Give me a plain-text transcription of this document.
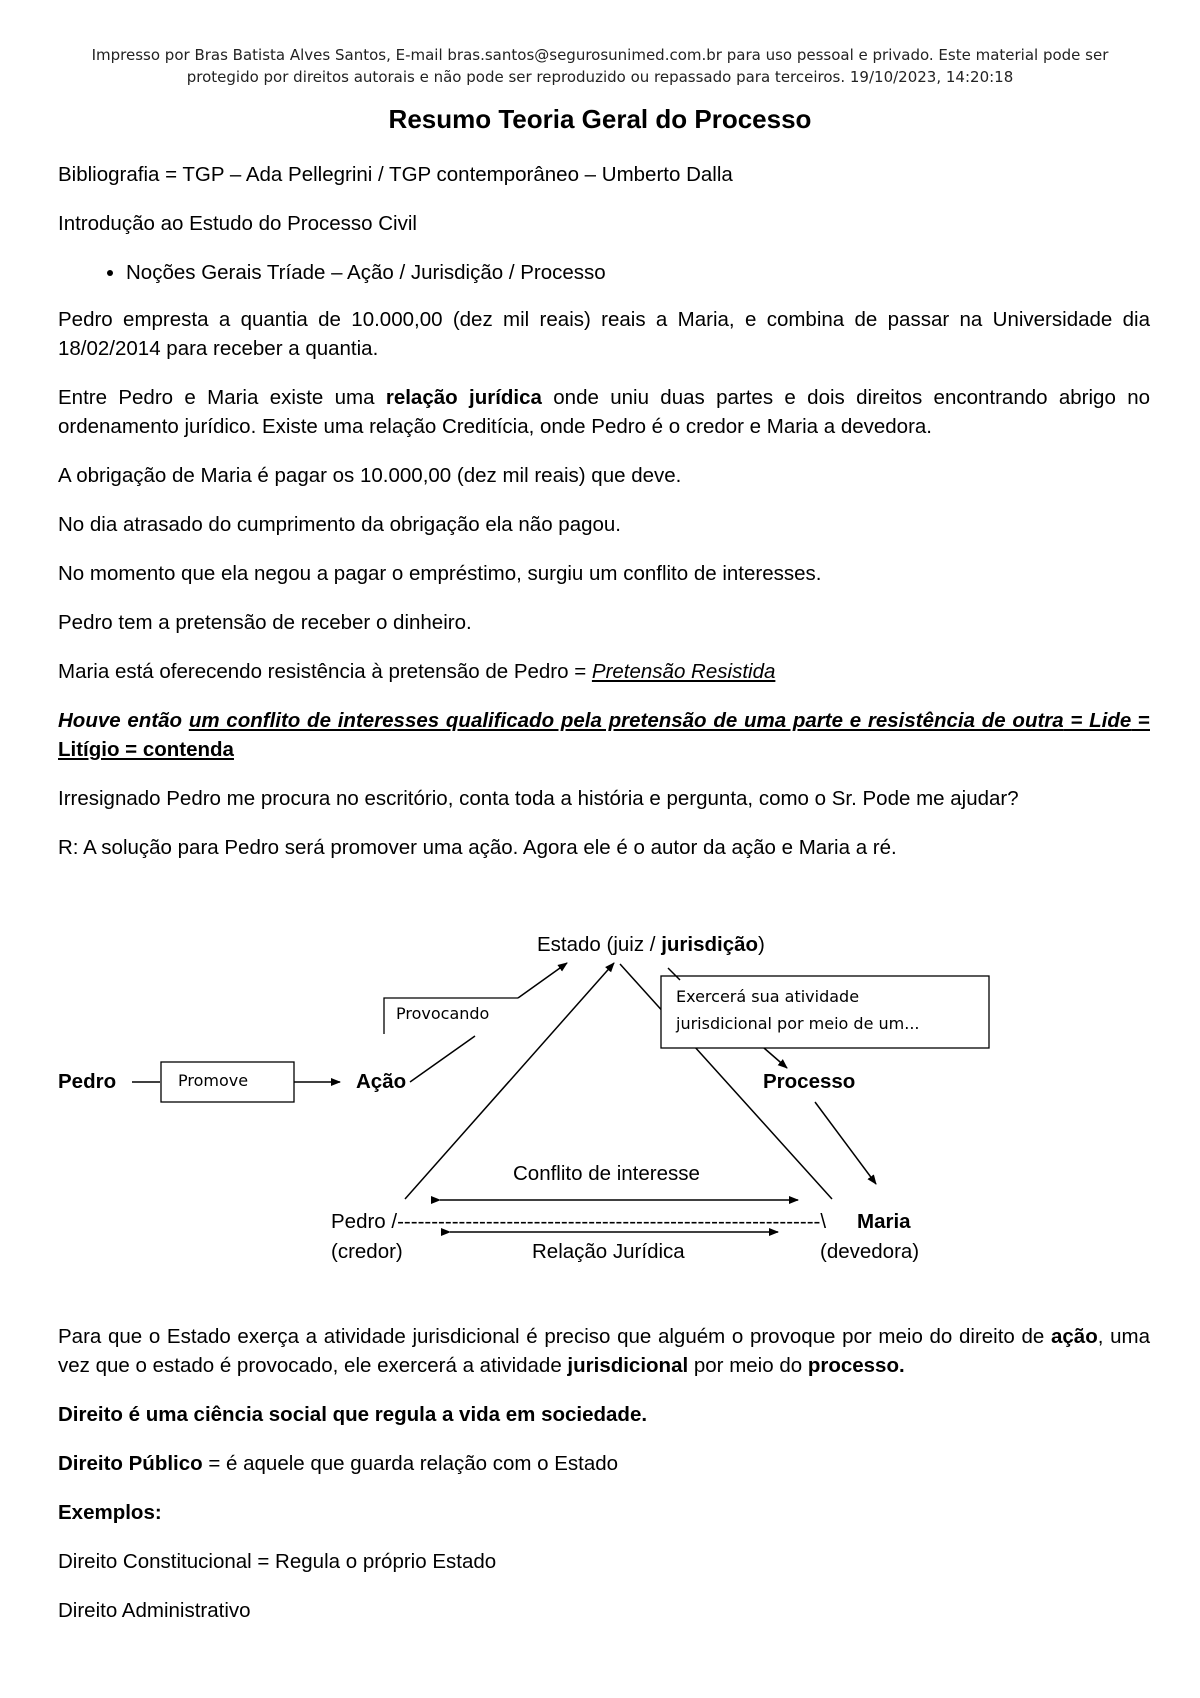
Impresso por Bras Batista Alves Santos, E-mail bras.santos@segurosunimed.com.br para uso pessoal e privado. Este material pode ser
protegido por direitos autorais e não pode ser reproduzido ou repassado para terceiros. 19/10/2023, 14:20:18
Resumo Teoria Geral do Processo

Bibliografia = TGP – Ada Pellegrini / TGP contemporâneo – Umberto Dalla

Introdução ao Estudo do Processo Civil

• Noções Gerais Tríade – Ação / Jurisdição / Processo

Pedro empresta a quantia de 10.000,00 (dez mil reais) reais a Maria, e combina de passar na Universidade dia 18/02/2014 para receber a quantia.

Entre Pedro e Maria existe uma relação jurídica onde uniu duas partes e dois direitos encontrando abrigo no ordenamento jurídico. Existe uma relação Creditícia, onde Pedro é o credor e Maria a devedora.

A obrigação de Maria é pagar os 10.000,00 (dez mil reais) que deve.

No dia atrasado do cumprimento da obrigação ela não pagou.

No momento que ela negou a pagar o empréstimo, surgiu um conflito de interesses.

Pedro tem a pretensão de receber o dinheiro.

Maria está oferecendo resistência à pretensão de Pedro = Pretensão Resistida

Houve então um conflito de interesses qualificado pela pretensão de uma parte e resistência de outra = Lide = Litígio = contenda

Irresignado Pedro me procura no escritório, conta toda a história e pergunta, como o Sr. Pode me ajudar?

R: A solução para Pedro será promover uma ação. Agora ele é o autor da ação e Maria a ré.

Estado (juiz / jurisdição)
Provocando
Exercerá sua atividade
jurisdicional por meio de um...
Pedro	Promove	Ação	Processo
Conflito de interesse
Pedro /--------------------------------------------------------------\	Maria
(credor)	Relação Jurídica	(devedora)

Para que o Estado exerça a atividade jurisdicional é preciso que alguém o provoque por meio do direito de ação, uma vez que o estado é provocado, ele exercerá a atividade jurisdicional por meio do processo.

Direito é uma ciência social que regula a vida em sociedade.

Direito Público = é aquele que guarda relação com o Estado

Exemplos:

Direito Constitucional = Regula o próprio Estado

Direito Administrativo
